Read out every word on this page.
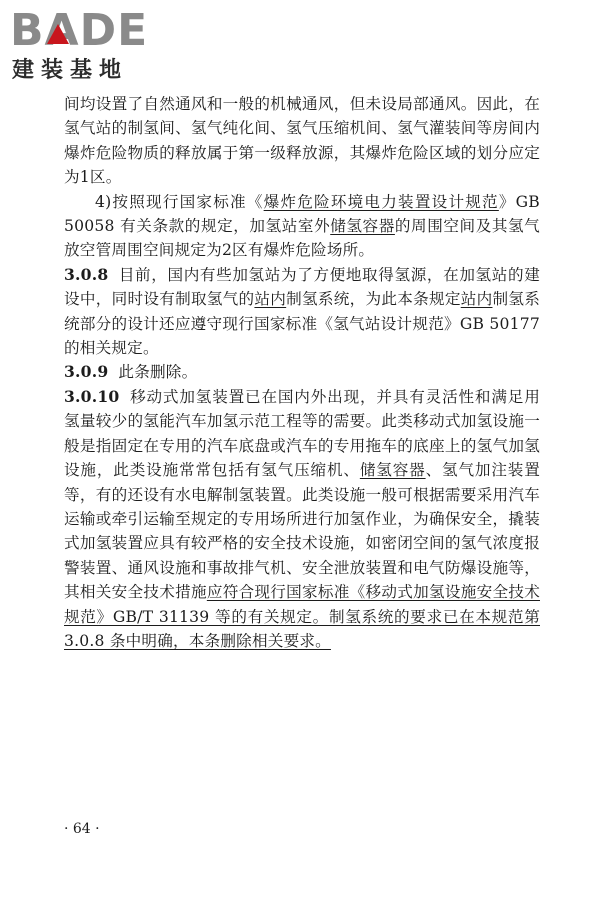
BADE
建装基地

间均设置了自然通风和一般的机械通风，但未设局部通风。因此，在氢气站的制氢间、氢气纯化间、氢气压缩机间、氢气灌装间等房间内爆炸危险物质的释放属于第一级释放源，其爆炸危险区域的划分应定为1区。

4)按照现行国家标准《爆炸危险环境电力装置设计规范》GB 50058 有关条款的规定，加氢站室外储氢容器的周围空间及其氢气放空管周围空间规定为2区有爆炸危险场所。

3.0.8 目前，国内有些加氢站为了方便地取得氢源，在加氢站的建设中，同时设有制取氢气的站内制氢系统，为此本条规定站内制氢系统部分的设计还应遵守现行国家标准《氢气站设计规范》GB 50177 的相关规定。

3.0.9 此条删除。

3.0.10 移动式加氢装置已在国内外出现，并具有灵活性和满足用氢量较少的氢能汽车加氢示范工程等的需要。此类移动式加氢设施一般是指固定在专用的汽车底盘或汽车的专用拖车的底座上的氢气加氢设施，此类设施常常包括有氢气压缩机、储氢容器、氢气加注装置等，有的还设有水电解制氢装置。此类设施一般可根据需要采用汽车运输或牵引运输至规定的专用场所进行加氢作业，为确保安全，撬装式加氢装置应具有较严格的安全技术设施，如密闭空间的氢气浓度报警装置、通风设施和事故排气机、安全泄放装置和电气防爆设施等，其相关安全技术措施应符合现行国家标准《移动式加氢设施安全技术规范》GB/T 31139 等的有关规定。制氢系统的要求已在本规范第 3.0.8 条中明确，本条删除相关要求。

· 64 ·
